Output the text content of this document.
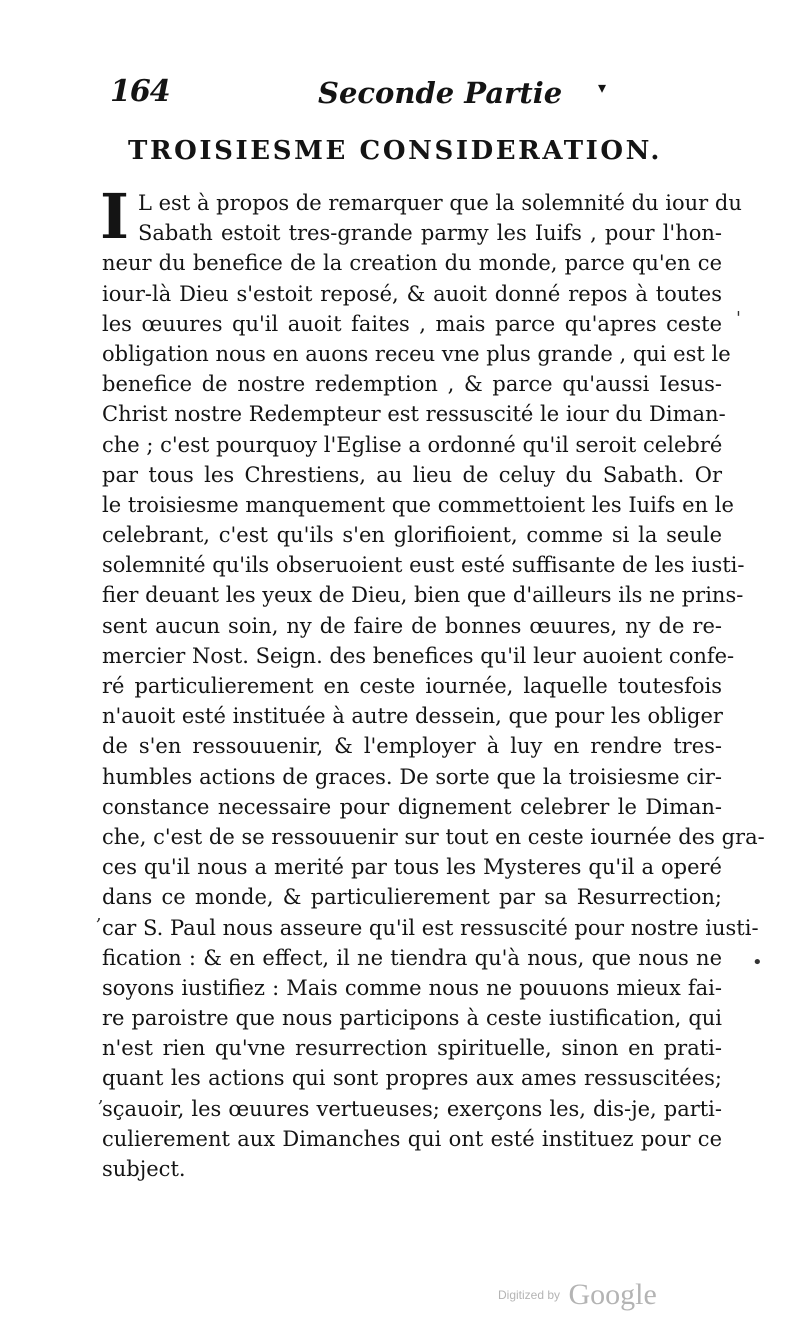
164	Seconde Partie ▾
TROISIESME CONSIDERATION.
I L est à propos de remarquer que la solemnité du iour du
Sabath estoit tres-grande parmy les Iuifs , pour l'hon-
neur du benefice de la creation du monde, parce qu'en ce
iour-là Dieu s'estoit reposé, & auoit donné repos à toutes
les œuures qu'il auoit faites , mais parce qu'apres ceste
obligation nous en auons receu vne plus grande , qui est le
benefice de nostre redemption , & parce qu'aussi Iesus-
Christ nostre Redempteur est ressuscité le iour du Diman-
che ; c'est pourquoy l'Eglise a ordonné qu'il seroit celebré
par tous les Chrestiens, au lieu de celuy du Sabath. Or
le troisiesme manquement que commettoient les Iuifs en le
celebrant, c'est qu'ils s'en glorifioient, comme si la seule
solemnité qu'ils obseruoient eust esté suffisante de les iusti-
fier deuant les yeux de Dieu, bien que d'ailleurs ils ne prins-
sent aucun soin, ny de faire de bonnes œuures, ny de re-
mercier Nost. Seign. des benefices qu'il leur auoient confe-
ré particulierement en ceste iournée, laquelle toutesfois
n'auoit esté instituée à autre dessein, que pour les obliger
de s'en ressouuenir, & l'employer à luy en rendre tres-
humbles actions de graces. De sorte que la troisiesme cir-
constance necessaire pour dignement celebrer le Diman-
che, c'est de se ressouuenir sur tout en ceste iournée des gra-
ces qu'il nous a merité par tous les Mysteres qu'il a operé
dans ce monde, & particulierement par sa Resurrection;
car S. Paul nous asseure qu'il est ressuscité pour nostre iusti-
fication : & en effect, il ne tiendra qu'à nous, que nous ne
soyons iustifiez : Mais comme nous ne pouuons mieux fai-
re paroistre que nous participons à ceste iustification, qui
n'est rien qu'vne resurrection spirituelle, sinon en prati-
quant les actions qui sont propres aux ames ressuscitées;
sçauoir, les œuures vertueuses; exerçons les, dis-je, parti-
culierement aux Dimanches qui ont esté instituez pour ce
subject.
'
,
•
,
Digitized by Google
